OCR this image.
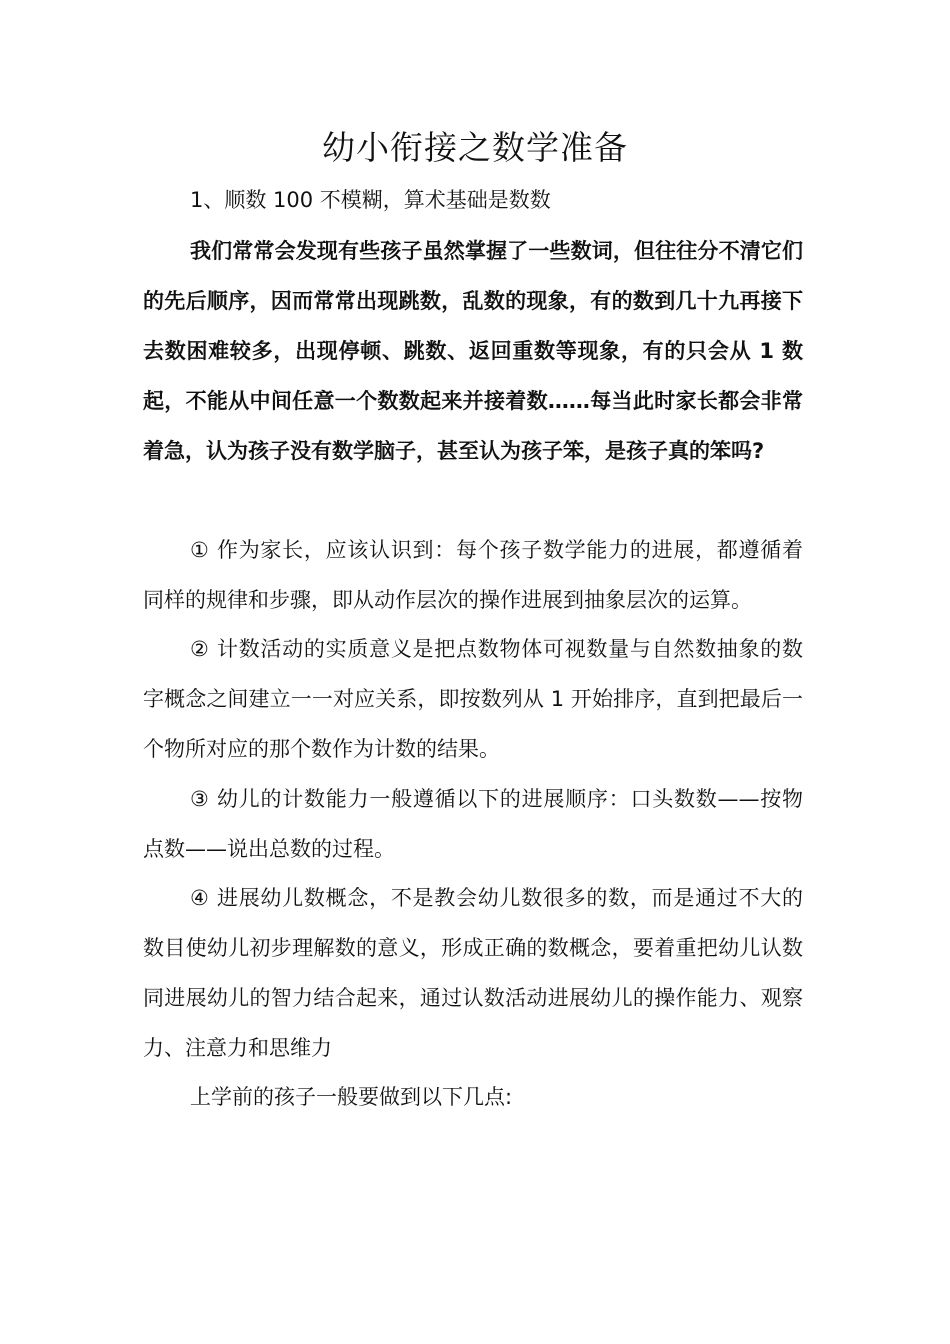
幼小衔接之数学准备
1、顺数 100 不模糊，算术基础是数数
我们常常会发现有些孩子虽然掌握了一些数词，但往往分不清它们的先后顺序，因而常常出现跳数，乱数的现象，有的数到几十九再接下去数困难较多，出现停顿、跳数、返回重数等现象，有的只会从 1 数起，不能从中间任意一个数数起来并接着数……每当此时家长都会非常着急，认为孩子没有数学脑子，甚至认为孩子笨，是孩子真的笨吗?
① 作为家长，应该认识到：每个孩子数学能力的进展，都遵循着同样的规律和步骤，即从动作层次的操作进展到抽象层次的运算。
② 计数活动的实质意义是把点数物体可视数量与自然数抽象的数字概念之间建立一一对应关系，即按数列从 1 开始排序，直到把最后一个物所对应的那个数作为计数的结果。
③ 幼儿的计数能力一般遵循以下的进展顺序：口头数数——按物点数——说出总数的过程。
④ 进展幼儿数概念，不是教会幼儿数很多的数，而是通过不大的数目使幼儿初步理解数的意义，形成正确的数概念，要着重把幼儿认数同进展幼儿的智力结合起来，通过认数活动进展幼儿的操作能力、观察力、注意力和思维力
上学前的孩子一般要做到以下几点:
